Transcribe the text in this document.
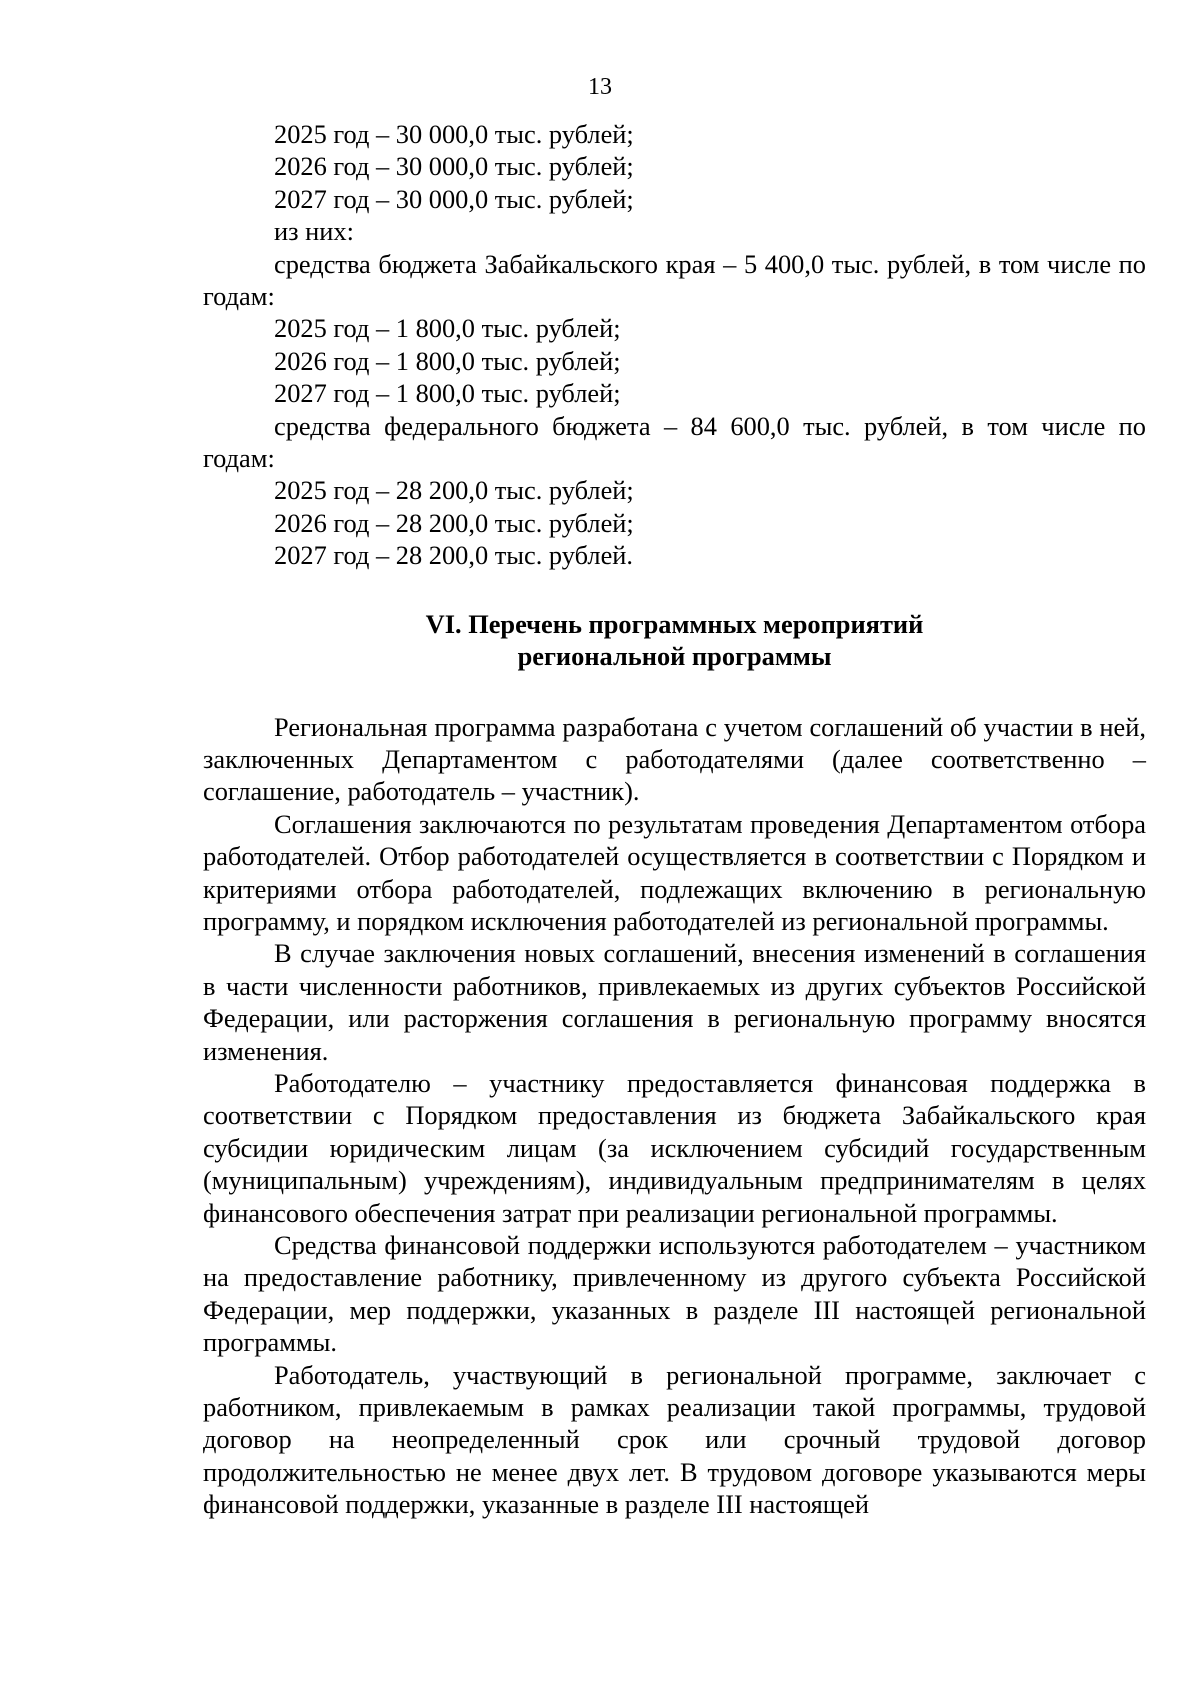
13
2025 год – 30 000,0 тыс. рублей;
2026 год – 30 000,0 тыс. рублей;
2027 год – 30 000,0 тыс. рублей;
из них:
средства бюджета Забайкальского края – 5 400,0 тыс. рублей, в том числе по годам:
2025 год – 1 800,0 тыс. рублей;
2026 год – 1 800,0 тыс. рублей;
2027 год – 1 800,0 тыс. рублей;
средства федерального бюджета – 84 600,0 тыс. рублей, в том числе по годам:
2025 год – 28 200,0 тыс. рублей;
2026 год – 28 200,0 тыс. рублей;
2027 год – 28 200,0 тыс. рублей.
VI. Перечень программных мероприятий
региональной программы
Региональная программа разработана с учетом соглашений об участии в ней, заключенных Департаментом с работодателями (далее соответственно – соглашение, работодатель – участник).
Соглашения заключаются по результатам проведения Департаментом отбора работодателей. Отбор работодателей осуществляется в соответствии с Порядком и критериями отбора работодателей, подлежащих включению в региональную программу, и порядком исключения работодателей из региональной программы.
В случае заключения новых соглашений, внесения изменений в соглашения в части численности работников, привлекаемых из других субъектов Российской Федерации, или расторжения соглашения в региональную программу вносятся изменения.
Работодателю – участнику предоставляется финансовая поддержка в соответствии с Порядком предоставления из бюджета Забайкальского края субсидии юридическим лицам (за исключением субсидий государственным (муниципальным) учреждениям), индивидуальным предпринимателям в целях финансового обеспечения затрат при реализации региональной программы.
Средства финансовой поддержки используются работодателем – участником на предоставление работнику, привлеченному из другого субъекта Российской Федерации, мер поддержки, указанных в разделе III настоящей региональной программы.
Работодатель, участвующий в региональной программе, заключает с работником, привлекаемым в рамках реализации такой программы, трудовой договор на неопределенный срок или срочный трудовой договор продолжительностью не менее двух лет. В трудовом договоре указываются меры финансовой поддержки, указанные в разделе III настоящей
